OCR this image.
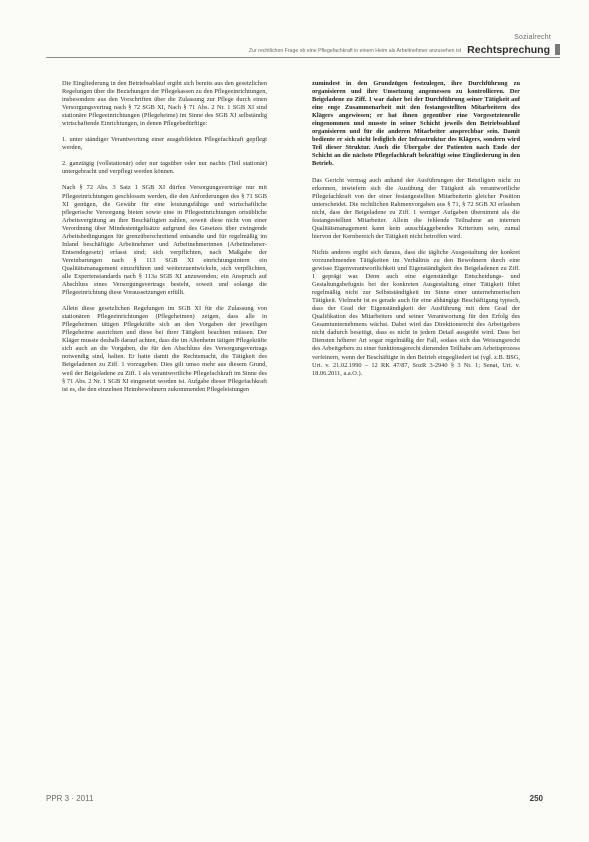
Sozialrecht
Zur rechtlichen Frage ob eine Pflegefachkraft in einem Heim als Arbeitnehmer anzusehen ist Rechtsprechung

Die Eingliederung in den Betriebsablauf ergibt sich bereits aus den gesetzlichen Regelungen über die Beziehungen der Pflegekassen zu den Pflegeeinrichtungen, insbesondere aus den Vorschriften über die Zulassung zur Pflege durch einen Versorgungsvertrag nach § 72 SGB XI, Nach § 71 Abs. 2 Nr. 1 SGB XI sind stationäre Pflegeeinrichtungen (Pflegeheime) im Sinne des SGB XI selbständig wirtschaftende Einrichtungen, in denen Pflegebedürftige:

1. unter ständiger Verantwortung einer ausgebildeten Pflegefachkraft gepflegt werden,

2. ganztägig (vollstationär) oder nur tagsüber oder nur nachts (Teil stationär) untergebracht und verpflegt werden können.

Nach § 72 Abs. 3 Satz 1 SGB XI dürfen Versorgungsverträge nur mit Pflegeeinrichtungen geschlossen werden, die den Anforderungen des § 71 SGB XI genügen, die Gewähr für eine leistungsfähige und wirtschaftliche pflegerische Versorgung bieten sowie eine in Pflegeeinrichtungen ortsübliche Arbeitsvergütung an ihre Beschäftigten zahlen, soweit diese nicht von einer Verordnung über Mindestentgeltsätze aufgrund des Gesetzes über zwingende Arbeitsbedingungen für grenzüberschreitend entsandte und für regelmäßig im Inland beschäftigte Arbeitnehmer und Arbeitnehmerinnen (Arbeitnehmer-Entsendegesetz) erfasst sind; sich verpflichten, nach Maßgabe der Vereinbarungen nach § 113 SGB XI einrichtungsintern ein Qualitätsmanagement einzuführen und weiterzuentwickeln, sich verpflichten, alle Expertenstandards nach § 113a SGB XI anzuwenden; ein Anspruch auf Abschluss eines Versorgungsvertrags besteht, soweit und solange die Pflegeeinrichtung diese Voraussetzungen erfüllt.

Allein diese gesetzlichen Regelungen im SGB XI für die Zulassung von stationären Pflegeeinrichtungen (Pflegeheimen) zeigen, dass alle in Pflegeheimen tätigen Pflegekräfte sich an den Vorgaben der jeweiligen Pflegeheime ausrichten und diese bei ihrer Tätigkeit beachten müssen. Der Kläger musste deshalb darauf achten, dass die im Altenheim tätigen Pflegekräfte sich auch an die Vorgaben, die für den Abschluss des Versorgungsvertrags notwendig sind, halten. Er hatte damit die Rechtsmacht, die Tätigkeit des Beigeladenen zu Ziff. 1 vorzugeben. Dies gilt umso mehr aus diesem Grund, weil der Beigeladene zu Ziff. 1 als verantwortliche Pflegefachkraft im Sinne des § 71 Abs. 2 Nr. 1 SGB XI eingesetzt worden ist. Aufgabe dieser Pflegefachkraft ist es, die den einzelnen Heimbewohnern zukommenden Pflegeleistungen

zumindest in den Grundzügen festzulegen, ihre Durchführung zu organisieren und ihre Umsetzung angemessen zu kontrollieren. Der Beigeladene zu Ziff. 1 war daher bei der Durchführung seiner Tätigkeit auf eine enge Zusammenarbeit mit den festangestellten Mitarbeitern des Klägers angewiesen; er hat ihnen gegenüber eine Vorgesetztenrolle eingenommen und musste in seiner Schicht jeweils den Betriebsablauf organisieren und für die anderen Mitarbeiter ansprechbar sein. Damit bediente er sich nicht lediglich der Infrastruktur des Klägers, sondern wird Teil dieser Struktur. Auch die Übergabe der Patienten nach Ende der Schicht an die nächste Pflegefachkraft bekräftigt seine Eingliederung in den Betrieb.

Das Gericht vermag auch anhand der Ausführungen der Beteiligten nicht zu erkennen, inwiefern sich die Ausübung der Tätigkeit als verantwortliche Pflegefachkraft von der einer festangestellten Mitarbeiterin gleicher Position unterscheidet. Die rechtlichen Rahmenvorgaben aus § 71, § 72 SGB XI erlauben nicht, dass der Beigeladene zu Ziff. 1 weniger Aufgaben übernimmt als die festangestellten Mitarbeiter. Allein die fehlende Teilnahme an internen Qualitätsmanagement kann kein ausschlaggebendes Kriterium sein, zumal hiervon der Kernbereich der Tätigkeit nicht betroffen wird.

Nichts anderes ergibt sich daraus, dass die tägliche Ausgestaltung der konkret vorzunehmenden Tätigkeiten im Verhältnis zu den Bewohnern durch eine gewisse Eigenverantwortlichkeit und Eigenständigkeit des Beigeladenen zu Ziff. 1 geprägt war. Denn auch eine eigenständige Entscheidungs- und Gestaltungsbefugnis bei der konkreten Ausgestaltung einer Tätigkeit führt regelmäßig nicht zur Selbstständigkeit im Sinne einer unternehmerischen Tätigkeit. Vielmehr ist es gerade auch für eine abhängige Beschäftigung typisch, dass der Grad der Eigenständigkeit der Ausführung mit dem Grad der Qualifikation des Mitarbeiters und seiner Verantwortung für den Erfolg des Gesamtunternehmens wächst. Dabei wird das Direktionsrecht des Arbeitgebers nicht dadurch beseitigt, dass es nicht in jedem Detail ausgeübt wird. Dass bei Diensten höherer Art sogar regelmäßig der Fall, sodass sich das Weisungsrecht des Arbeitgebers zu einer funktionsgerecht dienenden Teilhabe am Arbeitsprozess verfeinern, wenn der Beschäftigte in den Betrieb eingegliedert ist (vgl. z.B. BSG, Urt. v. 21.02.1990 – 12 RK 47/87, SozR 3-2940 § 3 Nr. 1; Senat, Urt. v. 18.06.2011, a.a.O.).

PPR 3 · 2011	250
